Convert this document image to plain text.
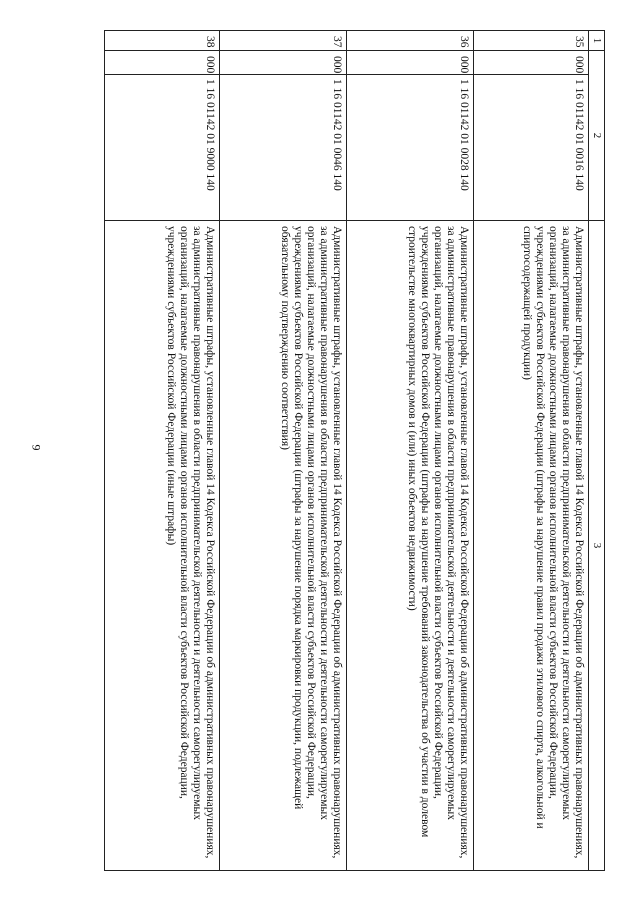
9
1	2		3
35	000	1 16 01142 01 0016 140	Административные штрафы, установленные главой 14 Кодекса Российской Федерации об административных правонарушениях, за административные правонарушения в области предпринимательской деятельности и деятельности саморегулируемых организаций, налагаемые должностными лицами органов исполнительной власти субъектов Российской Федерации, учреждениями субъектов Российской Федерации (штрафы за нарушение правил продажи этилового спирта, алкогольной и спиртосодержащей продукции)
36	000	1 16 01142 01 0028 140	Административные штрафы, установленные главой 14 Кодекса Российской Федерации об административных правонарушениях, за административные правонарушения в области предпринимательской деятельности и деятельности саморегулируемых организаций, налагаемые должностными лицами органов исполнительной власти субъектов Российской Федерации, учреждениями субъектов Российской Федерации (штрафы за нарушение требований законодательства об участии в долевом строительстве многоквартирных домов и (или) иных объектов недвижимости)
37	000	1 16 01142 01 0046 140	Административные штрафы, установленные главой 14 Кодекса Российской Федерации об административных правонарушениях, за административные правонарушения в области предпринимательской деятельности и деятельности саморегулируемых организаций, налагаемые должностными лицами органов исполнительной власти субъектов Российской Федерации, учреждениями субъектов Российской Федерации (штрафы за нарушение порядка маркировки продукции, подлежащей обязательному подтверждению соответствия)
38	000	1 16 01142 01 9000 140	Административные штрафы, установленные главой 14 Кодекса Российской Федерации об административных правонарушениях, за административные правонарушения в области предпринимательской деятельности и деятельности саморегулируемых организаций, налагаемые должностными лицами органов исполнительной власти субъектов Российской Федерации, учреждениями субъектов Российской Федерации (иные штрафы)
